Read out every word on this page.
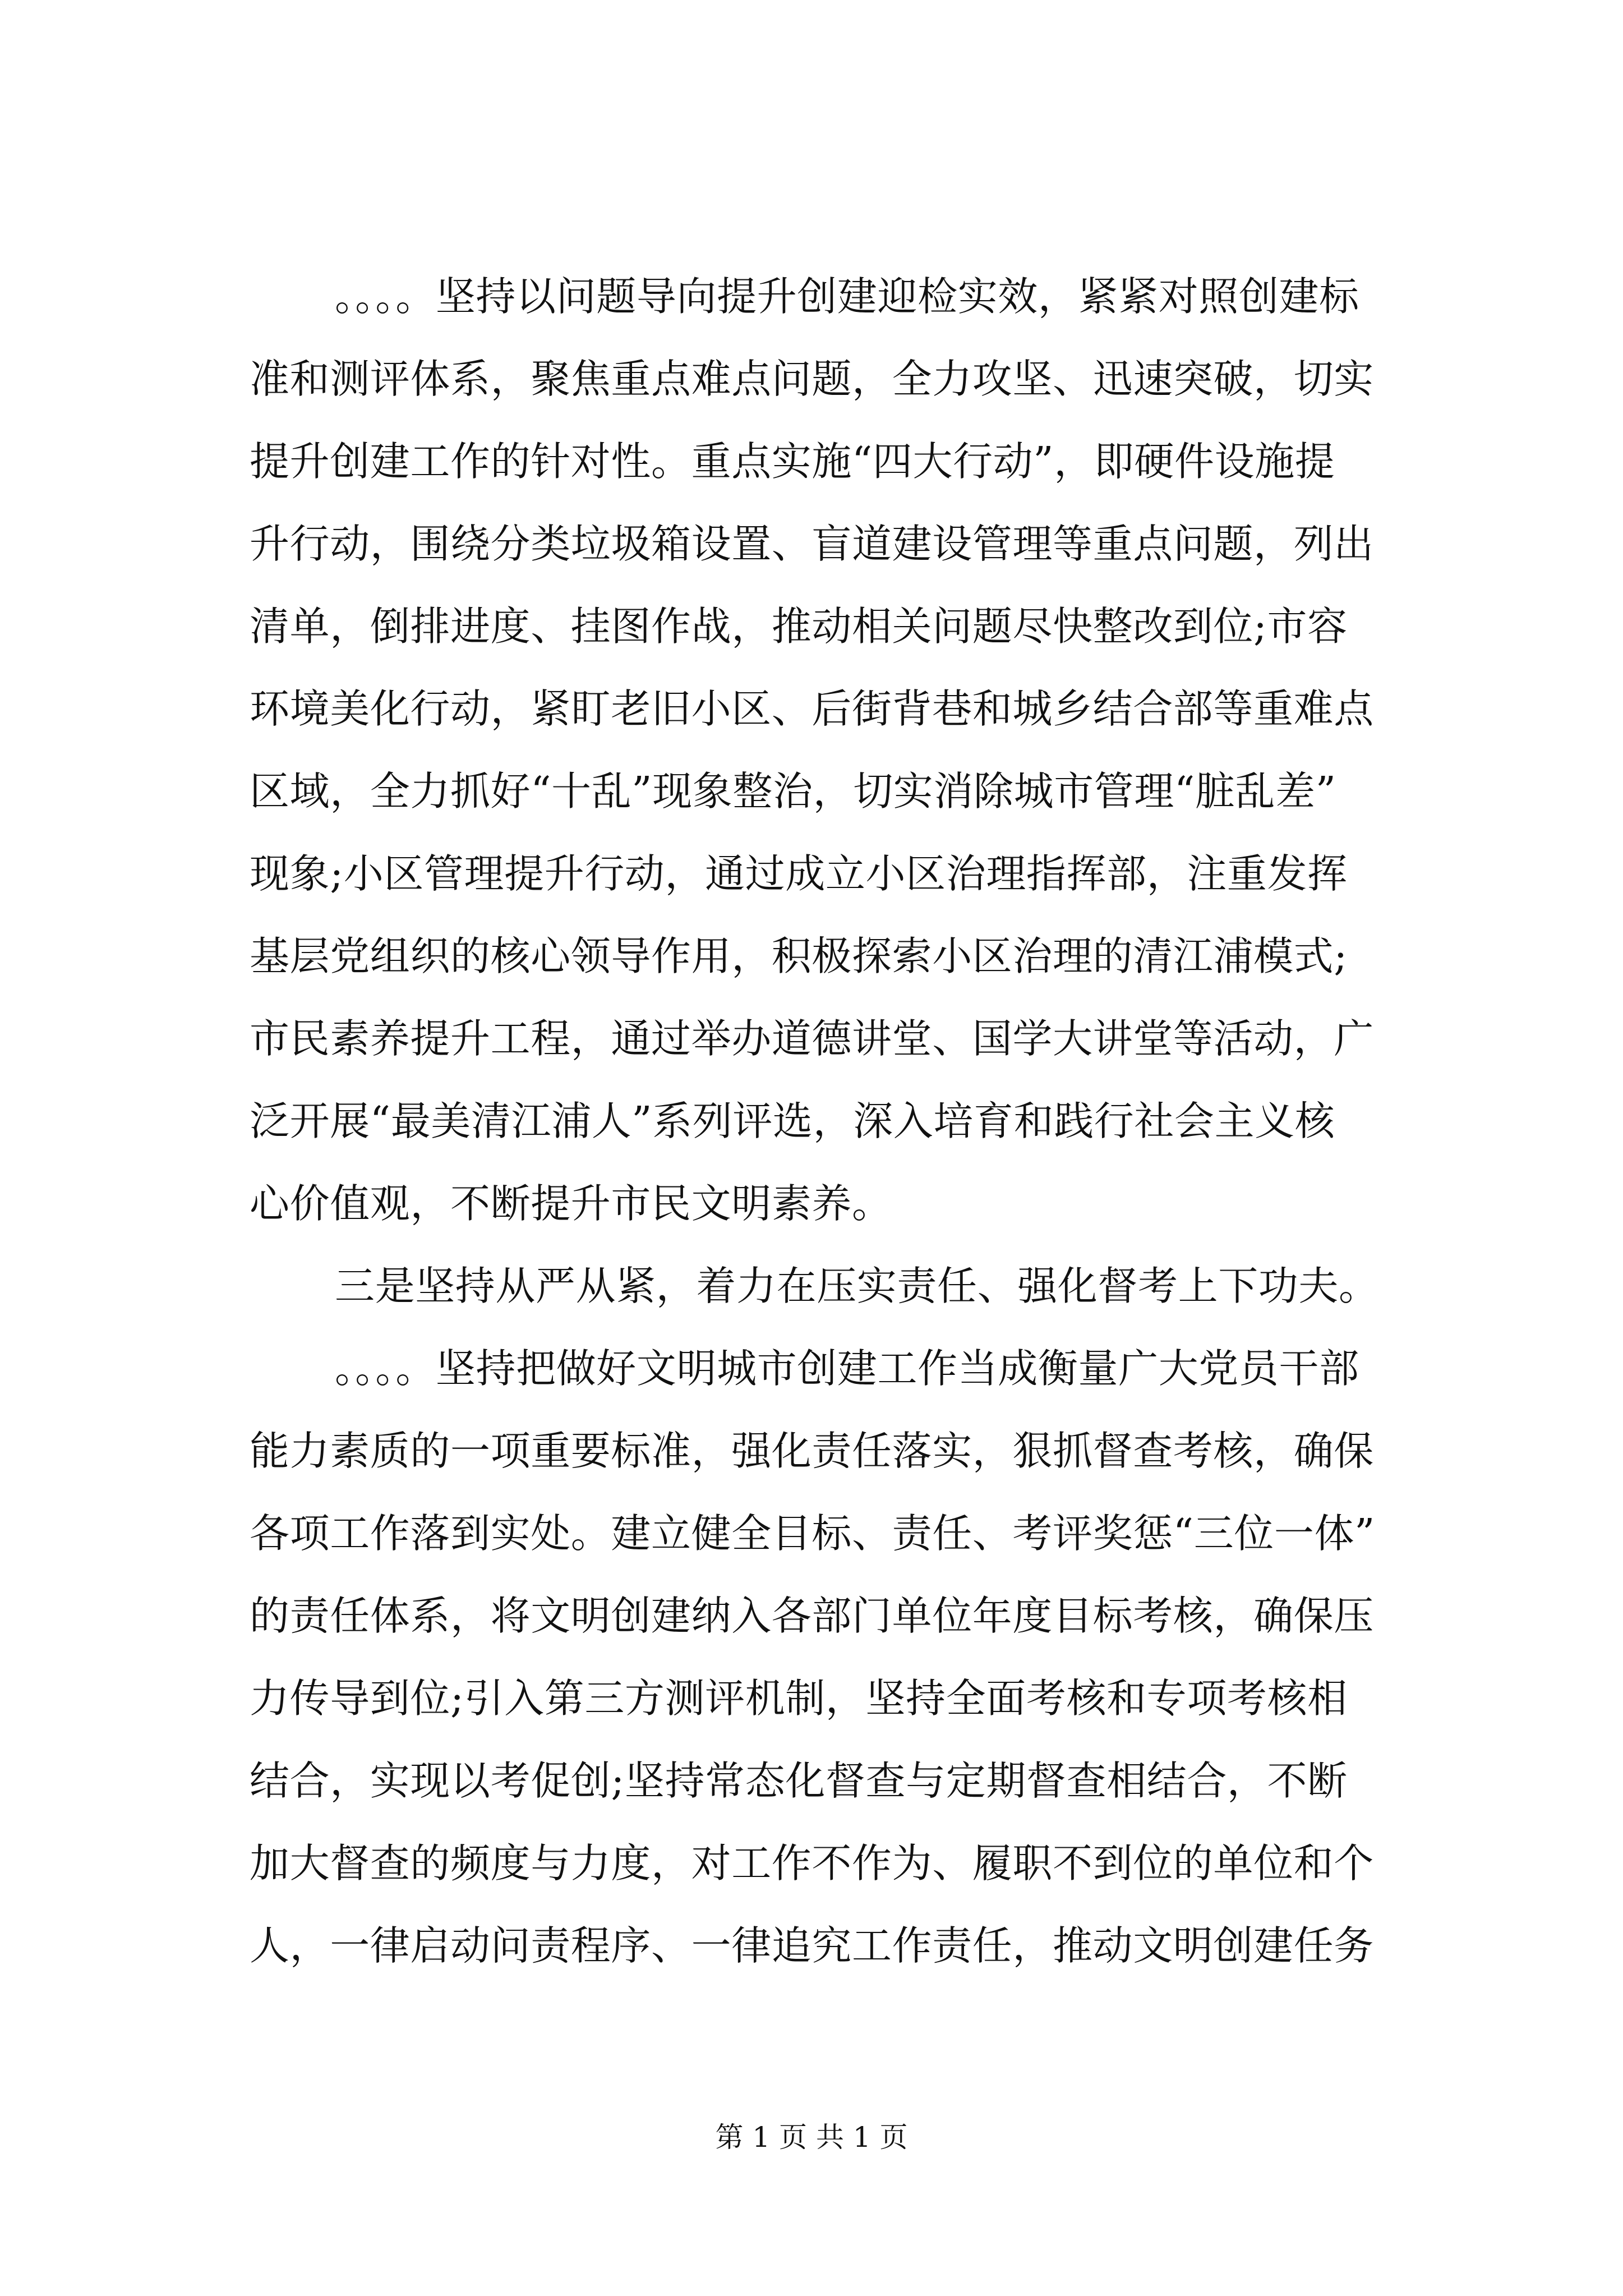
。。。。坚持以问题导向提升创建迎检实效，紧紧对照创建标
准和测评体系，聚焦重点难点问题，全力攻坚、迅速突破，切实
提升创建工作的针对性。重点实施“四大行动”，即硬件设施提
升行动，围绕分类垃圾箱设置、盲道建设管理等重点问题，列出
清单，倒排进度、挂图作战，推动相关问题尽快整改到位;市容
环境美化行动，紧盯老旧小区、后街背巷和城乡结合部等重难点
区域，全力抓好“十乱”现象整治，切实消除城市管理“脏乱差”
现象;小区管理提升行动，通过成立小区治理指挥部，注重发挥
基层党组织的核心领导作用，积极探索小区治理的清江浦模式;
市民素养提升工程，通过举办道德讲堂、国学大讲堂等活动，广
泛开展“最美清江浦人”系列评选，深入培育和践行社会主义核
心价值观，不断提升市民文明素养。
三是坚持从严从紧，着力在压实责任、强化督考上下功夫。
。。。。坚持把做好文明城市创建工作当成衡量广大党员干部
能力素质的一项重要标准，强化责任落实，狠抓督查考核，确保
各项工作落到实处。建立健全目标、责任、考评奖惩“三位一体”
的责任体系，将文明创建纳入各部门单位年度目标考核，确保压
力传导到位;引入第三方测评机制，坚持全面考核和专项考核相
结合，实现以考促创;坚持常态化督查与定期督查相结合，不断
加大督查的频度与力度，对工作不作为、履职不到位的单位和个
人，一律启动问责程序、一律追究工作责任，推动文明创建任务
第 1 页 共 1 页
